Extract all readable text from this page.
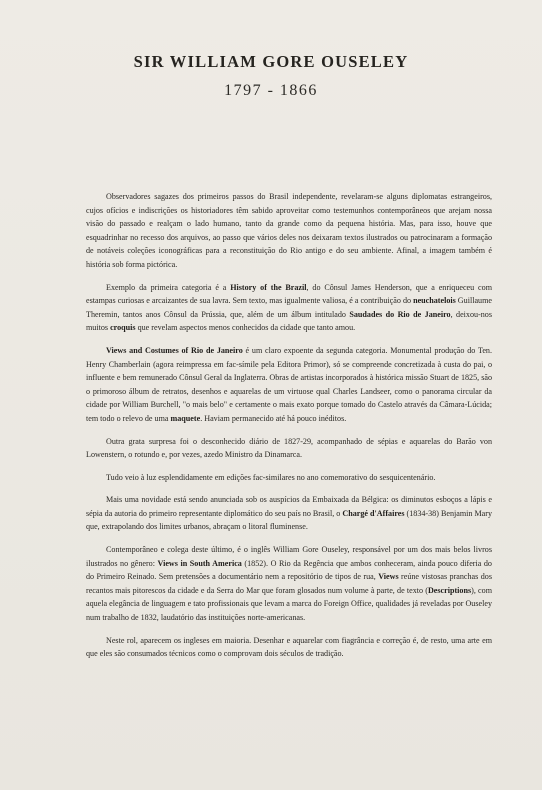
SIR WILLIAM GORE OUSELEY
1797 - 1866

Observadores sagazes dos primeiros passos do Brasil independente, revelaram-se alguns diplomatas estrangeiros, cujos ofícios e indiscrições os historiadores têm sabido aproveitar como testemunhos contemporâneos que arejam nossa visão do passado e realçam o lado humano, tanto da grande como da pequena história. Mas, para isso, houve que esquadrinhar no recesso dos arquivos, ao passo que vários deles nos deixaram textos ilustrados ou patrocinaram a formação de notáveis coleções iconográficas para a reconstituição do Rio antigo e do seu ambiente. Afinal, a imagem também é história sob forma pictórica.

Exemplo da primeira categoria é a History of the Brazil, do Cônsul James Henderson, que a enriqueceu com estampas curiosas e arcaizantes de sua lavra. Sem texto, mas igualmente valiosa, é a contribuição do neuchatelois Guillaume Theremin, tantos anos Cônsul da Prússia, que, além de um álbum intitulado Saudades do Rio de Janeiro, deixou-nos muitos croquis que revelam aspectos menos conhecidos da cidade que tanto amou.

Views and Costumes of Rio de Janeiro é um claro expoente da segunda categoria. Monumental produção do Ten. Henry Chamberlain (agora reimpressa em fac-símile pela Editora Primor), só se compreende concretizada à custa do pai, o influente e bem remunerado Cônsul Geral da Inglaterra. Obras de artistas incorporados à histórica missão Stuart de 1825, são o primoroso álbum de retratos, desenhos e aquarelas de um virtuose qual Charles Landseer, como o panorama circular da cidade por William Burchell, "o mais belo" e certamente o mais exato porque tomado do Castelo através da Câmara-Lúcida; tem todo o relevo de uma maquete. Haviam permanecido até há pouco inéditos.

Outra grata surpresa foi o desconhecido diário de 1827-29, acompanhado de sépias e aquarelas do Barão von Lowenstern, o rotundo e, por vezes, azedo Ministro da Dinamarca.

Tudo veio à luz esplendidamente em edições fac-similares no ano comemorativo do sesquicentenário.

Mais uma novidade está sendo anunciada sob os auspícios da Embaixada da Bélgica: os diminutos esboços a lápis e sépia da autoria do primeiro representante diplomático do seu país no Brasil, o Chargé d'Affaires (1834-38) Benjamin Mary que, extrapolando dos limites urbanos, abraçam o litoral fluminense.

Contemporâneo e colega deste último, é o inglês William Gore Ouseley, responsável por um dos mais belos livros ilustrados no gênero: Views in South America (1852). O Rio da Regência que ambos conheceram, ainda pouco diferia do do Primeiro Reinado. Sem pretensões a documentário nem a repositório de tipos de rua, Views reúne vistosas pranchas dos recantos mais pitorescos da cidade e da Serra do Mar que foram glosados num volume à parte, de texto (Descriptions), com aquela elegância de linguagem e tato profissionais que levam a marca do Foreign Office, qualidades já reveladas por Ouseley num trabalho de 1832, laudatório das instituições norte-americanas.

Neste rol, aparecem os ingleses em maioria. Desenhar e aquarelar com fiagrância e correção é, de resto, uma arte em que eles são consumados técnicos como o comprovam dois séculos de tradição.
